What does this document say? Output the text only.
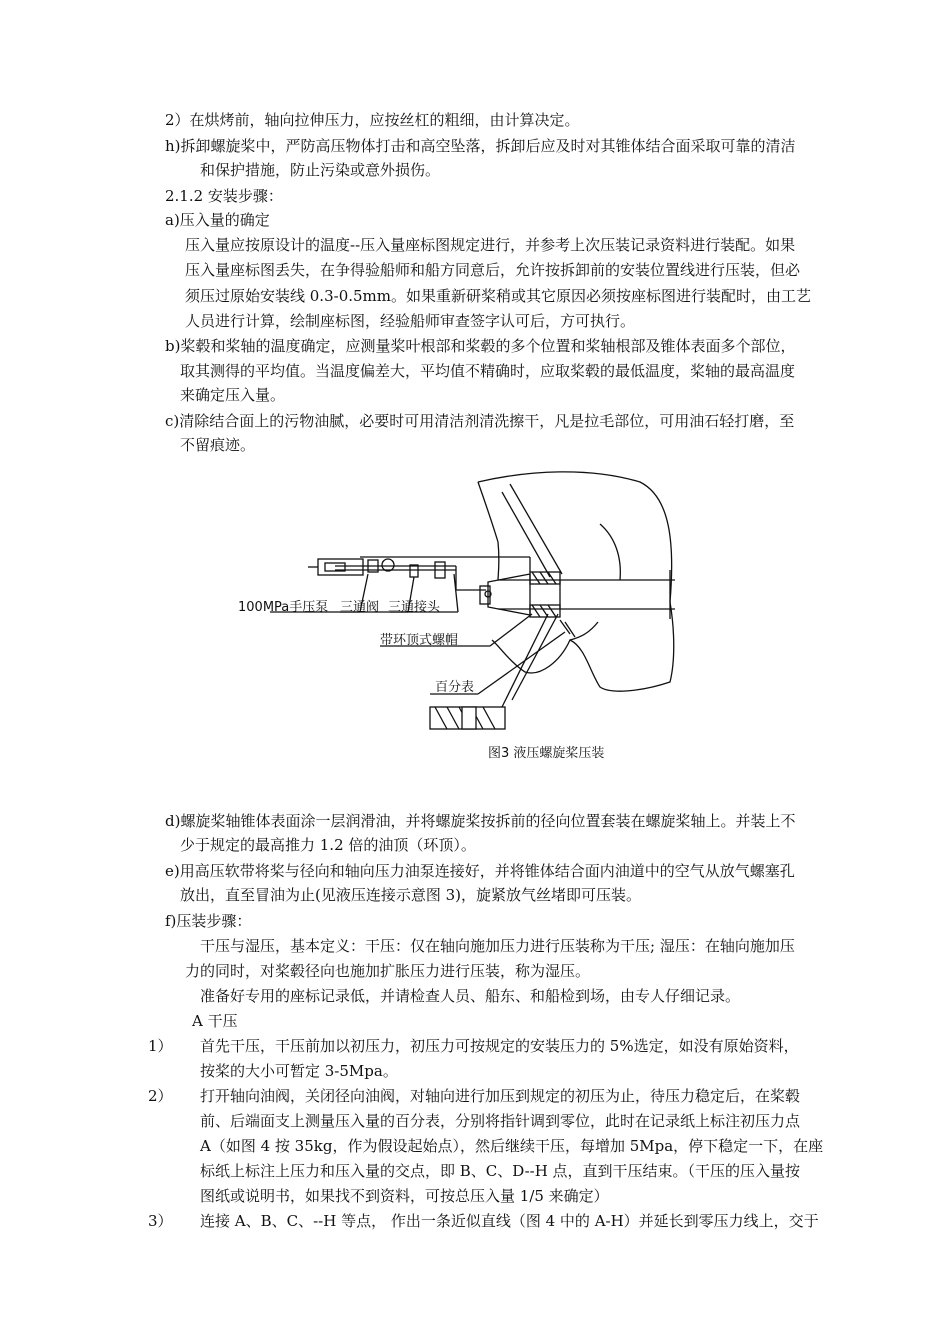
2）在烘烤前，轴向拉伸压力，应按丝杠的粗细，由计算决定。
h)拆卸螺旋桨中，严防高压物体打击和高空坠落，拆卸后应及时对其锥体结合面采取可靠的清洁
和保护措施，防止污染或意外损伤。
2.1.2 安装步骤：
a)压入量的确定
压入量应按原设计的温度--压入量座标图规定进行，并参考上次压装记录资料进行装配。如果
压入量座标图丢失，在争得验船师和船方同意后，允许按拆卸前的安装位置线进行压装，但必
须压过原始安装线 0.3-0.5mm。如果重新研桨稍或其它原因必须按座标图进行装配时，由工艺
人员进行计算，绘制座标图，经验船师审查签字认可后，方可执行。
b)桨毂和桨轴的温度确定，应测量桨叶根部和桨毂的多个位置和桨轴根部及锥体表面多个部位，
取其测得的平均值。当温度偏差大，平均值不精确时，应取桨毂的最低温度，桨轴的最高温度
来确定压入量。
c)清除结合面上的污物油腻，必要时可用清洁剂清洗擦干，凡是拉毛部位，可用油石轻打磨，至
不留痕迹。
100MPa手压泵 三通阀 三通接头
带环顶式螺帽
百分表
图3 液压螺旋桨压装
d)螺旋桨轴锥体表面涂一层润滑油，并将螺旋桨按拆前的径向位置套装在螺旋桨轴上。并装上不
少于规定的最高推力 1.2 倍的油顶（环顶）。
e)用高压软带将桨与径向和轴向压力油泵连接好，并将锥体结合面内油道中的空气从放气螺塞孔
放出，直至冒油为止(见液压连接示意图 3)，旋紧放气丝堵即可压装。
f)压装步骤：
干压与湿压，基本定义：干压：仅在轴向施加压力进行压装称为干压; 湿压：在轴向施加压
力的同时，对桨毂径向也施加扩胀压力进行压装，称为湿压。
准备好专用的座标记录低，并请检查人员、船东、和船检到场，由专人仔细记录。
A 干压
1） 首先干压，干压前加以初压力，初压力可按规定的安装压力的 5%选定，如没有原始资料，
按桨的大小可暂定 3-5Mpa。
2） 打开轴向油阀，关闭径向油阀，对轴向进行加压到规定的初压为止，待压力稳定后，在桨毂
前、后端面支上测量压入量的百分表，分别将指针调到零位，此时在记录纸上标注初压力点
A（如图 4 按 35kg，作为假设起始点），然后继续干压，每增加 5Mpa，停下稳定一下，在座
标纸上标注上压力和压入量的交点，即 B、C、D--H 点，直到干压结束。（干压的压入量按
图纸或说明书，如果找不到资料，可按总压入量 1/5 来确定）
3） 连接 A、B、C、--H 等点， 作出一条近似直线（图 4 中的 A-H）并延长到零压力线上，交于
